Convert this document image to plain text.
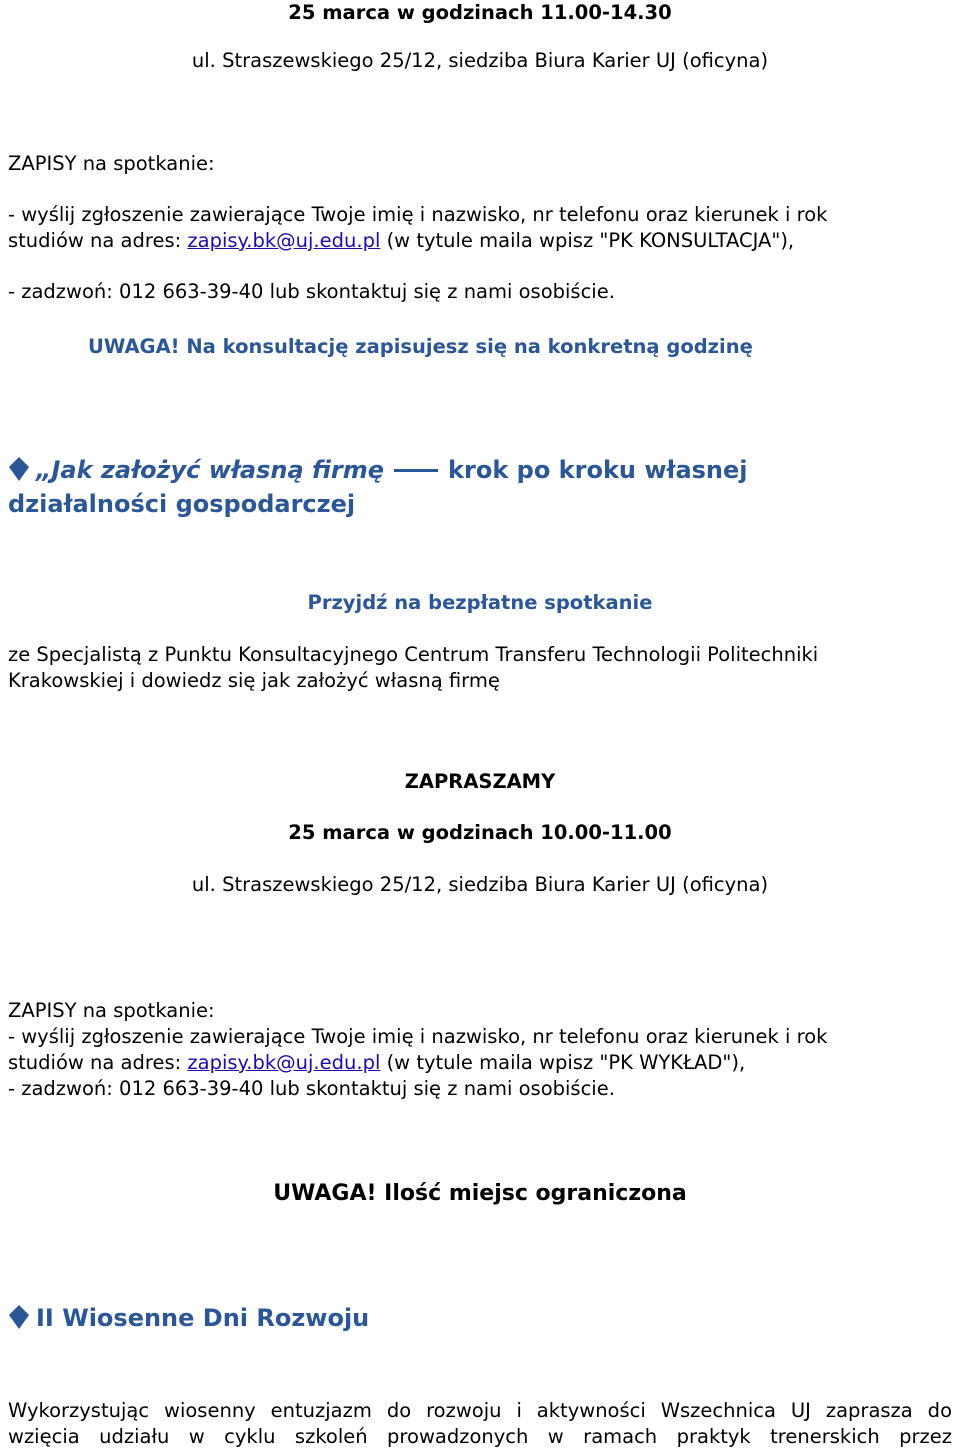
25 marca w godzinach 11.00-14.30
ul. Straszewskiego 25/12, siedziba Biura Karier UJ (oficyna)
ZAPISY na spotkanie:
- wyślij zgłoszenie zawierające Twoje imię i nazwisko, nr telefonu oraz kierunek i rok
studiów na adres: zapisy.bk@uj.edu.pl (w tytule maila wpisz "PK KONSULTACJA"),
- zadzwoń: 012 663-39-40 lub skontaktuj się z nami osobiście.
UWAGA! Na konsultację zapisujesz się na konkretną godzinę
„Jak założyć własną firmę	krok po kroku własnej
działalności gospodarczej
Przyjdź na bezpłatne spotkanie
ze Specjalistą z Punktu Konsultacyjnego Centrum Transferu Technologii Politechniki
Krakowskiej i dowiedz się jak założyć własną firmę
ZAPRASZAMY
25 marca w godzinach 10.00-11.00
ul. Straszewskiego 25/12, siedziba Biura Karier UJ (oficyna)
ZAPISY na spotkanie:
- wyślij zgłoszenie zawierające Twoje imię i nazwisko, nr telefonu oraz kierunek i rok
studiów na adres: zapisy.bk@uj.edu.pl (w tytule maila wpisz "PK WYKŁAD"),
- zadzwoń: 012 663-39-40 lub skontaktuj się z nami osobiście.
UWAGA! Ilość miejsc ograniczona
II Wiosenne Dni Rozwoju
Wykorzystując wiosenny entuzjazm do rozwoju i aktywności Wszechnica UJ zaprasza do
wzięcia udziału w cyklu szkoleń prowadzonych w ramach praktyk trenerskich przez
